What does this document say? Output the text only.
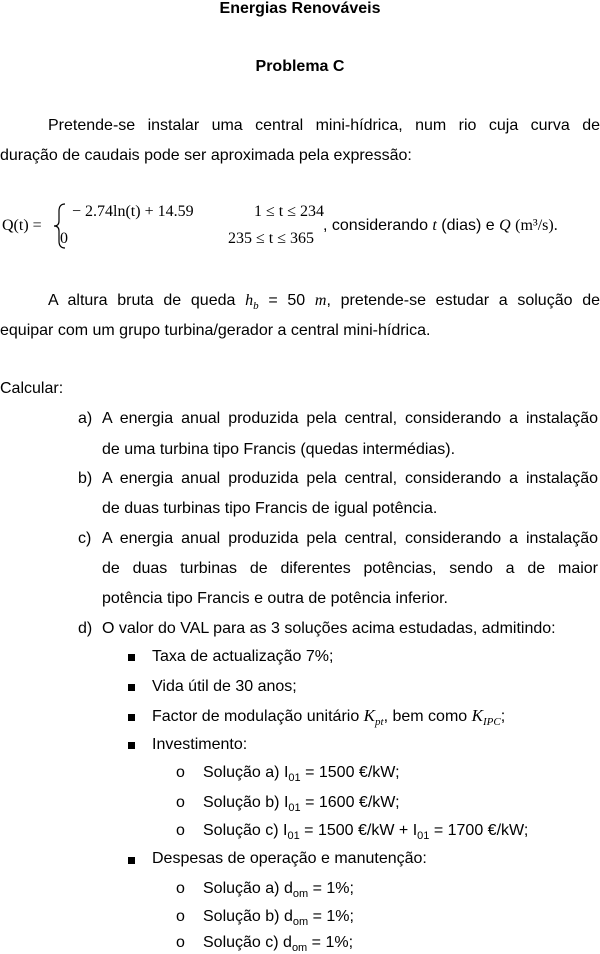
Energias Renováveis
Problema C
Pretende-se instalar uma central mini-hídrica, num rio cuja curva de
duração de caudais pode ser aproximada pela expressão:
Q(t) =
− 2.74ln(t) + 14.59	1 ≤ t ≤ 234
0	235 ≤ t ≤ 365
, considerando t (dias) e Q (m³/s).
A altura bruta de queda $h_b = 50$ m, pretende-se estudar a solução de
equipar com um grupo turbina/gerador a central mini-hídrica.
Calcular:
a) A energia anual produzida pela central, considerando a instalação
de uma turbina tipo Francis (quedas intermédias).
b) A energia anual produzida pela central, considerando a instalação
de duas turbinas tipo Francis de igual potência.
c) A energia anual produzida pela central, considerando a instalação
de duas turbinas de diferentes potências, sendo a de maior
potência tipo Francis e outra de potência inferior.
d) O valor do VAL para as 3 soluções acima estudadas, admitindo:
Taxa de actualização 7%;
Vida útil de 30 anos;
Factor de modulação unitário $K_{pt}$, bem como $K_{IPC}$;
Investimento:
o Solução a) $I_{01} = 1500$ €/kW;
o Solução b) $I_{01} = 1600$ €/kW;
o Solução c) $I_{01} = 1500$ €/kW + $I_{01} = 1700$ €/kW;
Despesas de operação e manutenção:
o Solução a) $d_{om} = 1\%$;
o Solução b) $d_{om} = 1\%$;
o Solução c) $d_{om} = 1\%$;
